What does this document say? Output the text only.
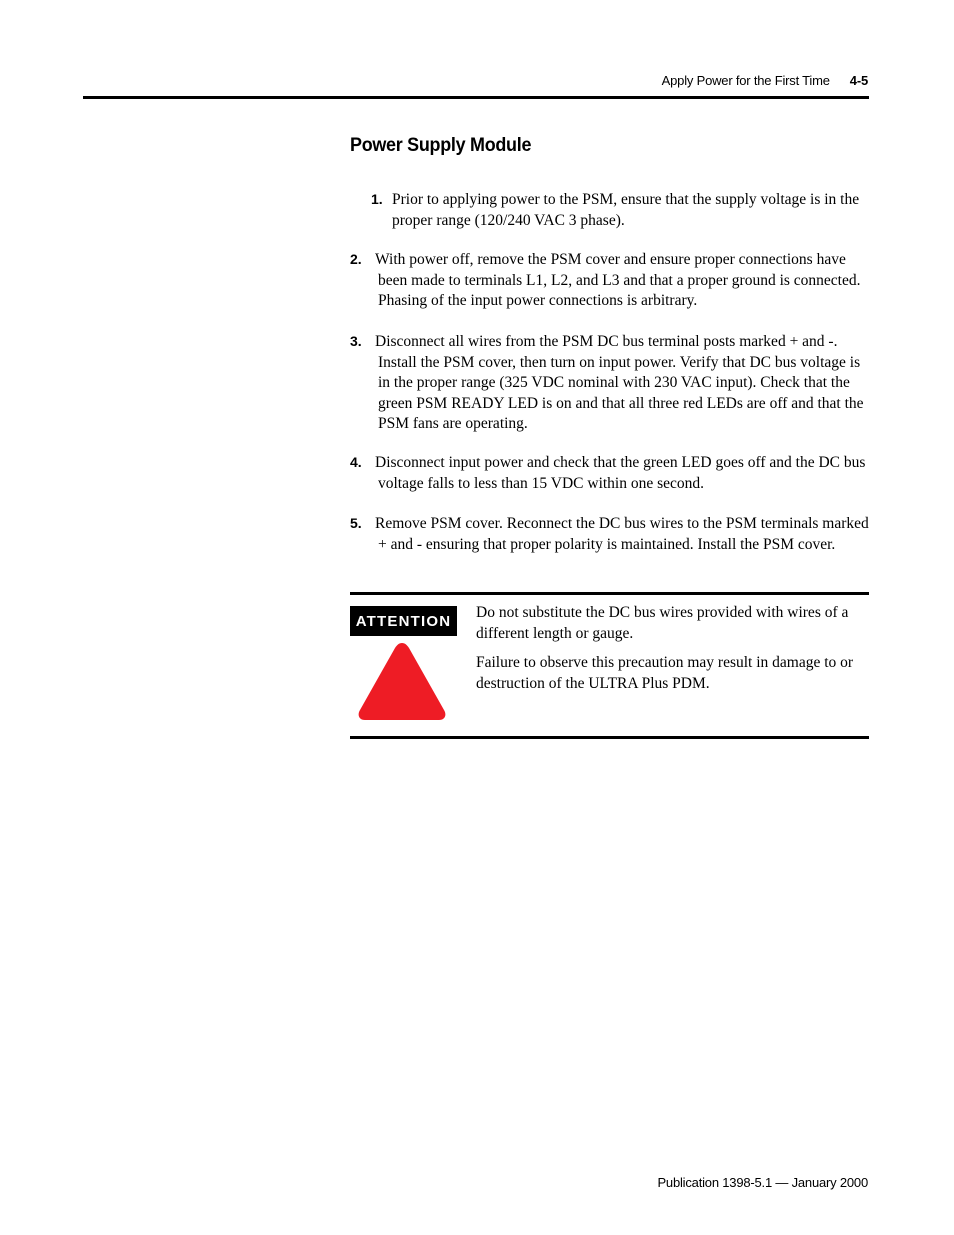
Apply Power for the First Time 4-5
Power Supply Module

1. Prior to applying power to the PSM, ensure that the supply voltage is in the proper range (120/240 VAC 3 phase).

2. With power off, remove the PSM cover and ensure proper connections have been made to terminals L1, L2, and L3 and that a proper ground is connected. Phasing of the input power connections is arbitrary.

3. Disconnect all wires from the PSM DC bus terminal posts marked + and -. Install the PSM cover, then turn on input power. Verify that DC bus voltage is in the proper range (325 VDC nominal with 230 VAC input). Check that the green PSM READY LED is on and that all three red LEDs are off and that the PSM fans are operating.

4. Disconnect input power and check that the green LED goes off and the DC bus voltage falls to less than 15 VDC within one second.

5. Remove PSM cover. Reconnect the DC bus wires to the PSM terminals marked + and - ensuring that proper polarity is maintained. Install the PSM cover.

ATTENTION	Do not substitute the DC bus wires provided with wires of a different length or gauge.

Failure to observe this precaution may result in damage to or destruction of the ULTRA Plus PDM.

Publication 1398-5.1 — January 2000
